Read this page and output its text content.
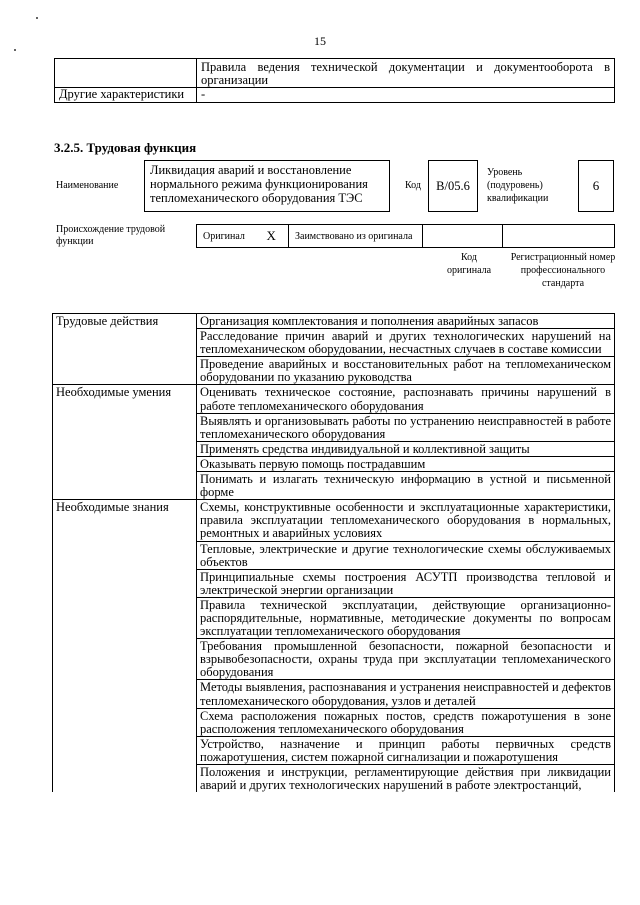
15
	Правила ведения технической документации и документооборота в организации
Другие характеристики	-
3.2.5. Трудовая функция
Наименование
Ликвидация аварий и восстановление нормального режима функционирования тепломеханического оборудования ТЭС
Код	B/05.6
Уровень (подуровень) квалификации
6
Происхождение трудовой функции	Оригинал	X	Заимствовано из оригинала		
Код оригинала
Регистрационный номер профессионального стандарта
Трудовые действия	Организация комплектования и пополнения аварийных запасов
	Расследование причин аварий и других технологических нарушений на тепломеханическом оборудовании, несчастных случаев в составе комиссии
	Проведение аварийных и восстановительных работ на тепломеханическом оборудовании по указанию руководства
Необходимые умения	Оценивать техническое состояние, распознавать причины нарушений в работе тепломеханического оборудования
	Выявлять и организовывать работы по устранению неисправностей в работе тепломеханического оборудования
	Применять средства индивидуальной и коллективной защиты
	Оказывать первую помощь пострадавшим
	Понимать и излагать техническую информацию в устной и письменной форме
Необходимые знания	Схемы, конструктивные особенности и эксплуатационные характеристики, правила эксплуатации тепломеханического оборудования в нормальных, ремонтных и аварийных условиях
	Тепловые, электрические и другие технологические схемы обслуживаемых объектов
	Принципиальные схемы построения АСУТП производства тепловой и электрической энергии организации
	Правила технической эксплуатации, действующие организационно-распорядительные, нормативные, методические документы по вопросам эксплуатации тепломеханического оборудования
	Требования промышленной безопасности, пожарной безопасности и взрывобезопасности, охраны труда при эксплуатации тепломеханического оборудования
	Методы выявления, распознавания и устранения неисправностей и дефектов тепломеханического оборудования, узлов и деталей
	Схема расположения пожарных постов, средств пожаротушения в зоне расположения тепломеханического оборудования
	Устройство, назначение и принцип работы первичных средств пожаротушения, систем пожарной сигнализации и пожаротушения
	Положения и инструкции, регламентирующие действия при ликвидации аварий и других технологических нарушений в работе электростанций,
